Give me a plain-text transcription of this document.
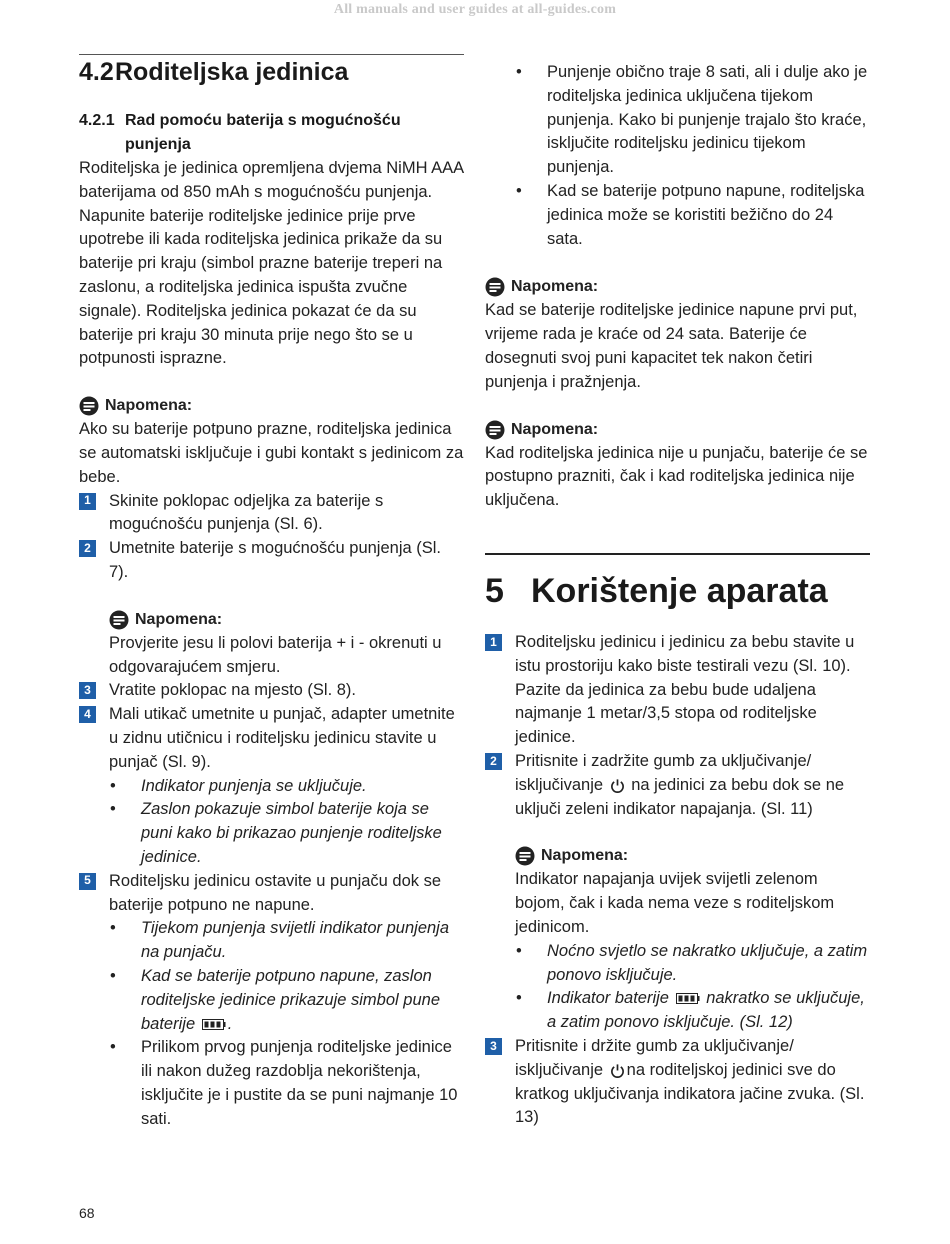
All manuals and user guides at all-guides.com
4.2Roditeljska jedinica
4.2.1 Rad pomoću baterija s mogućnošću
punjenja

Roditeljska je jedinica opremljena dvjema NiMH AAA baterijama od 850 mAh s mogućnošću punjenja.

Napunite baterije roditeljske jedinice prije prve upotrebe ili kada roditeljska jedinica prikaže da su baterije pri kraju (simbol prazne baterije treperi na zaslonu, a roditeljska jedinica ispušta zvučne signale). Roditeljska jedinica pokazat će da su baterije pri kraju 30 minuta prije nego što se u potpunosti isprazne.

Napomena:

Ako su baterije potpuno prazne, roditeljska jedinica se automatski isključuje i gubi kontakt s jedinicom za bebe.

1	Skinite poklopac odjeljka za baterije s mogućnošću punjenja (Sl. 6).
2	Umetnite baterije s mogućnošću punjenja (Sl. 7).
Napomena:

Provjerite jesu li polovi baterija + i - okrenuti u odgovarajućem smjeru.

3	Vratite poklopac na mjesto (Sl. 8).
4	Mali utikač umetnite u punjač, adapter umetnite u zidnu utičnicu i roditeljsku jedinicu stavite u punjač (Sl. 9).
•	Indikator punjenja se uključuje.
•	Zaslon pokazuje simbol baterije koja se puni kako bi prikazao punjenje roditeljske jedinice.
5	Roditeljsku jedinicu ostavite u punjaču dok se baterije potpuno ne napune.
•	Tijekom punjenja svijetli indikator punjenja na punjaču.
•	Kad se baterije potpuno napune, zaslon roditeljske jedinice prikazuje simbol pune baterije .
•	Prilikom prvog punjenja roditeljske jedinice ili nakon dužeg razdoblja nekorištenja, isključite je i pustite da se puni najmanje 10 sati.
•	Punjenje obično traje 8 sati, ali i dulje ako je roditeljska jedinica uključena tijekom punjenja. Kako bi punjenje trajalo što kraće, isključite roditeljsku jedinicu tijekom punjenja.
•	Kad se baterije potpuno napune, roditeljska jedinica može se koristiti bežično do 24 sata.
Napomena:

Kad se baterije roditeljske jedinice napune prvi put, vrijeme rada je kraće od 24 sata. Baterije će dosegnuti svoj puni kapacitet tek nakon četiri punjenja i pražnjenja.

Napomena:

Kad roditeljska jedinica nije u punjaču, baterije će se postupno prazniti, čak i kad roditeljska jedinica nije uključena.

5 Korištenje aparata
1	Roditeljsku jedinicu i jedinicu za bebu stavite u istu prostoriju kako biste testirali vezu (Sl. 10). Pazite da jedinica za bebu bude udaljena najmanje 1 metar/3,5 stopa od roditeljske jedinice.
2	Pritisnite i zadržite gumb za uključivanje/ isključivanje na jedinici za bebu dok se ne uključi zeleni indikator napajanja. (Sl. 11)
Napomena:

Indikator napajanja uvijek svijetli zelenom bojom, čak i kada nema veze s roditeljskom jedinicom.

•	Noćno svjetlo se nakratko uključuje, a zatim ponovo isključuje.
•	Indikator baterije nakratko se uključuje, a zatim ponovo isključuje. (Sl. 12)
3	Pritisnite i držite gumb za uključivanje/ isključivanje na roditeljskoj jedinici sve do kratkog uključivanja indikatora jačine zvuka. (Sl. 13)
68
